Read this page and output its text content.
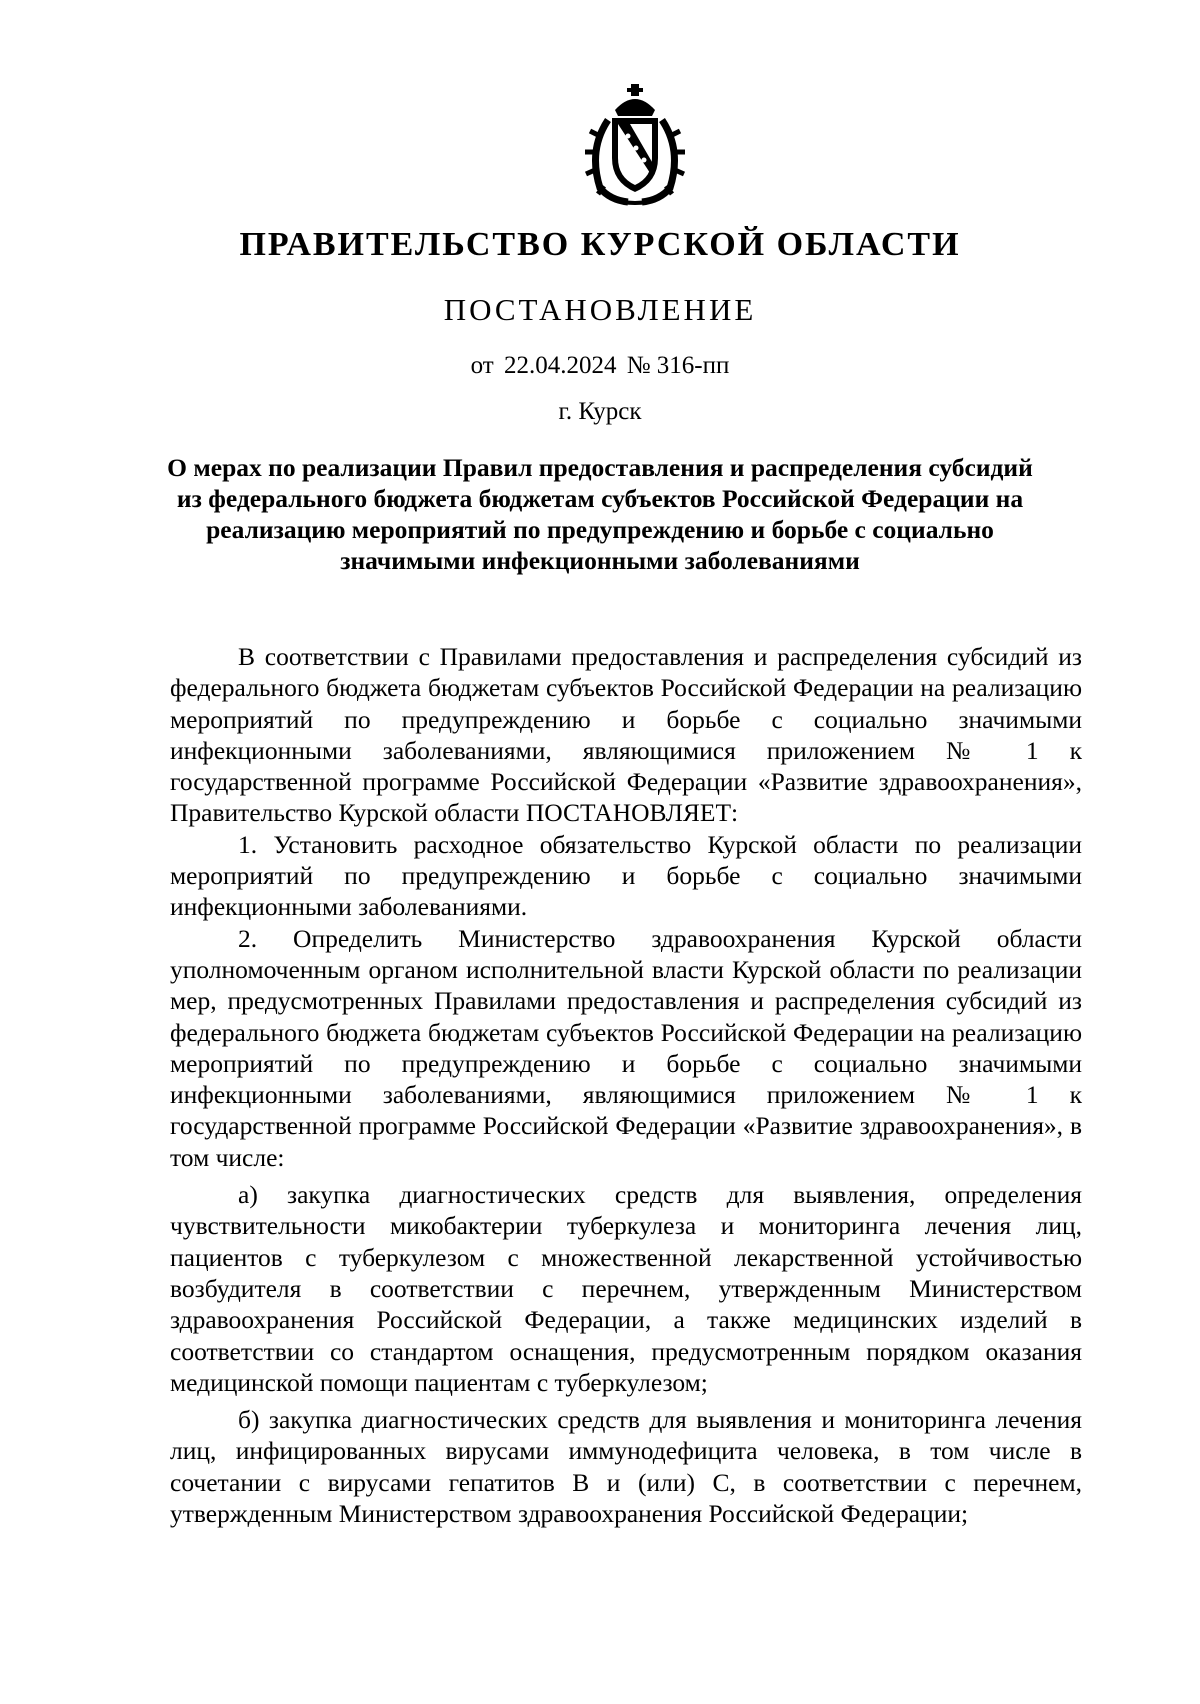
ПРАВИТЕЛЬСТВО КУРСКОЙ ОБЛАСТИ
ПОСТАНОВЛЕНИЕ
от 22.04.2024 № 316-пп
г. Курск
О мерах по реализации Правил предоставления и распределения субсидий из федерального бюджета бюджетам субъектов Российской Федерации на реализацию мероприятий по предупреждению и борьбе с социально значимыми инфекционными заболеваниями

В соответствии с Правилами предоставления и распределения субсидий из федерального бюджета бюджетам субъектов Российской Федерации на реализацию мероприятий по предупреждению и борьбе с социально значимыми инфекционными заболеваниями, являющимися приложением № 1 к государственной программе Российской Федерации «Развитие здравоохранения», Правительство Курской области ПОСТАНОВЛЯЕТ:

1. Установить расходное обязательство Курской области по реализации мероприятий по предупреждению и борьбе с социально значимыми инфекционными заболеваниями.

2. Определить Министерство здравоохранения Курской области уполномоченным органом исполнительной власти Курской области по реализации мер, предусмотренных Правилами предоставления и распределения субсидий из федерального бюджета бюджетам субъектов Российской Федерации на реализацию мероприятий по предупреждению и борьбе с социально значимыми инфекционными заболеваниями, являющимися приложением № 1 к государственной программе Российской Федерации «Развитие здравоохранения», в том числе:

а) закупка диагностических средств для выявления, определения чувствительности микобактерии туберкулеза и мониторинга лечения лиц, пациентов с туберкулезом с множественной лекарственной устойчивостью возбудителя в соответствии с перечнем, утвержденным Министерством здравоохранения Российской Федерации, а также медицинских изделий в соответствии со стандартом оснащения, предусмотренным порядком оказания медицинской помощи пациентам с туберкулезом;

б) закупка диагностических средств для выявления и мониторинга лечения лиц, инфицированных вирусами иммунодефицита человека, в том числе в сочетании с вирусами гепатитов B и (или) C, в соответствии с перечнем, утвержденным Министерством здравоохранения Российской Федерации;
